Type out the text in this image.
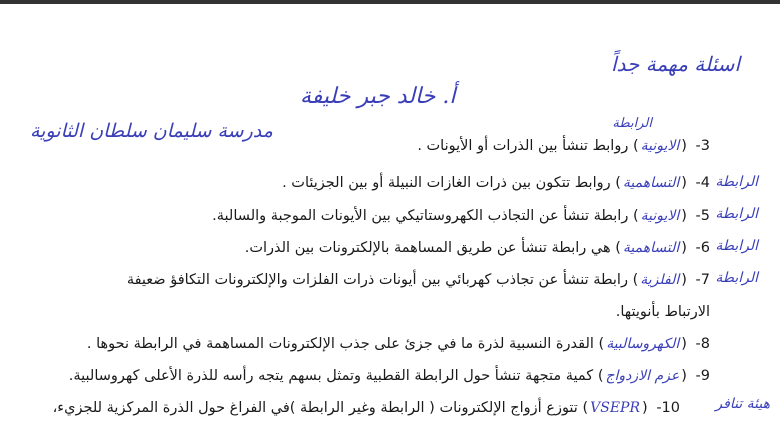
اسئلة مهمة جداً
أ. خالد جبر خليفة
مدرسة سليمان سلطان الثانوية	الرابطة
الرابطة
الرابطة
الرابطة
الرابطة
هيئة تنافر
3- (الايونية) روابط تنشأ بين الذرات أو الأيونات .
4- (التساهمية) روابط تتكون بين ذرات الغازات النبيلة أو بين الجزيئات .
5- (الايونية) رابطة تنشأ عن التجاذب الكهروستاتيكي بين الأيونات الموجبة والسالبة.
6- (التساهمية) هي رابطة تنشأ عن طريق المساهمة بالإلكترونات بين الذرات.
7- (الفلزية) رابطة تنشأ عن تجاذب كهربائي بين أيونات ذرات الفلزات والإلكترونات التكافؤ ضعيفة
الارتباط بأنويتها.
8- (الكهروسالبية) القدرة النسبية لذرة ما في جزئ على جذب الإلكترونات المساهمة في الرابطة نحوها .
9- (عزم الازدواج) كمية متجهة تنشأ حول الرابطة القطبية وتمثل بسهم يتجه رأسه للذرة الأعلى كهروسالبية.
10- (VSEPR) تتوزع أزواج الإلكترونات ( الرابطة وغير الرابطة )في الفراغ حول الذرة المركزية للجزيء،
